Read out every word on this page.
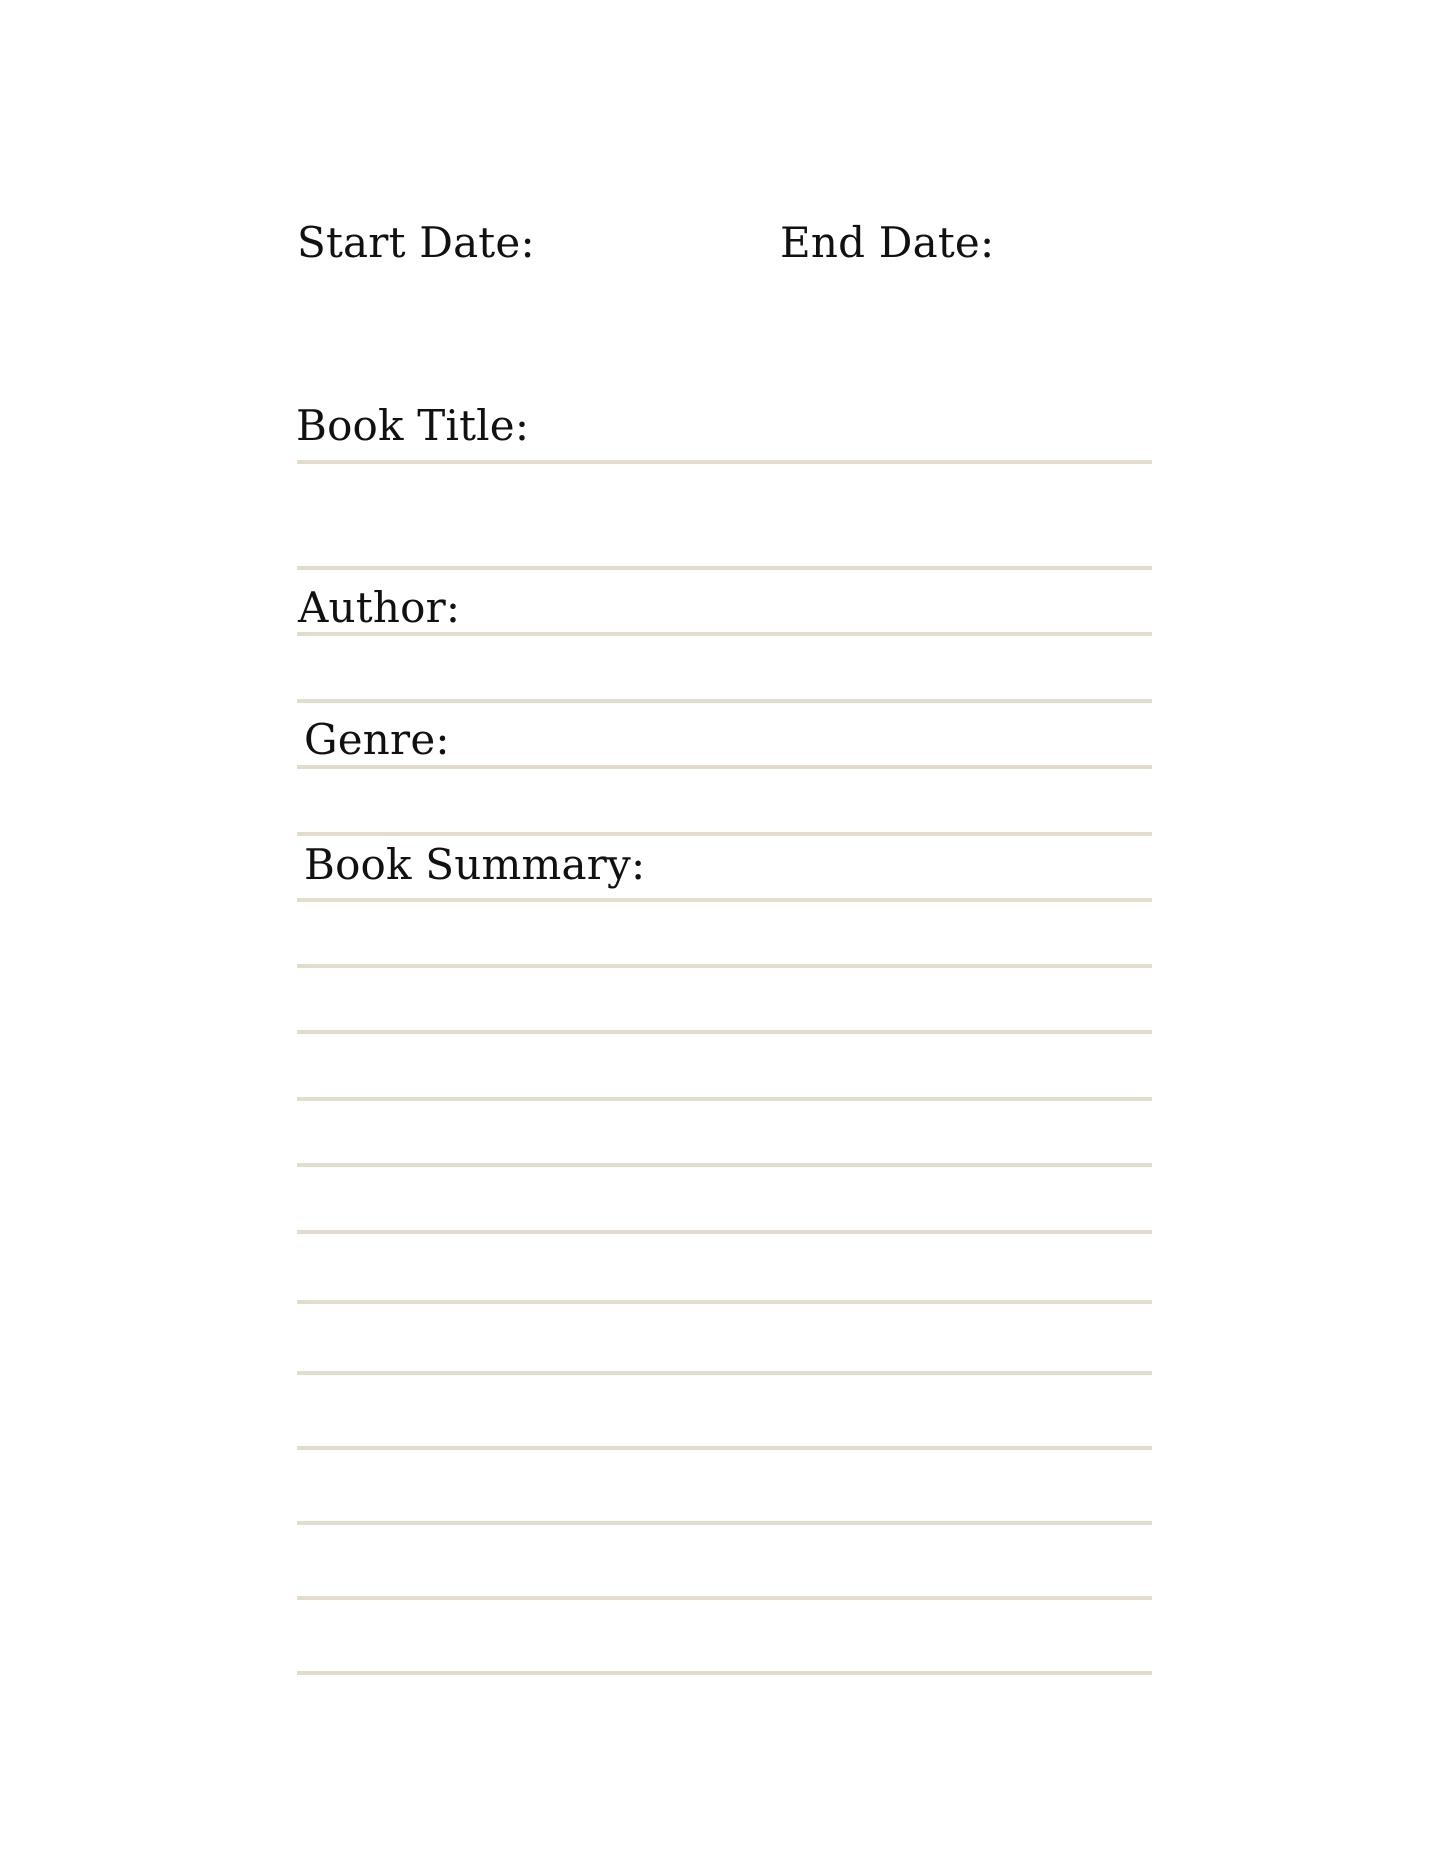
Start Date:	End Date:
Book Title:
Author:
Genre:
Book Summary:
